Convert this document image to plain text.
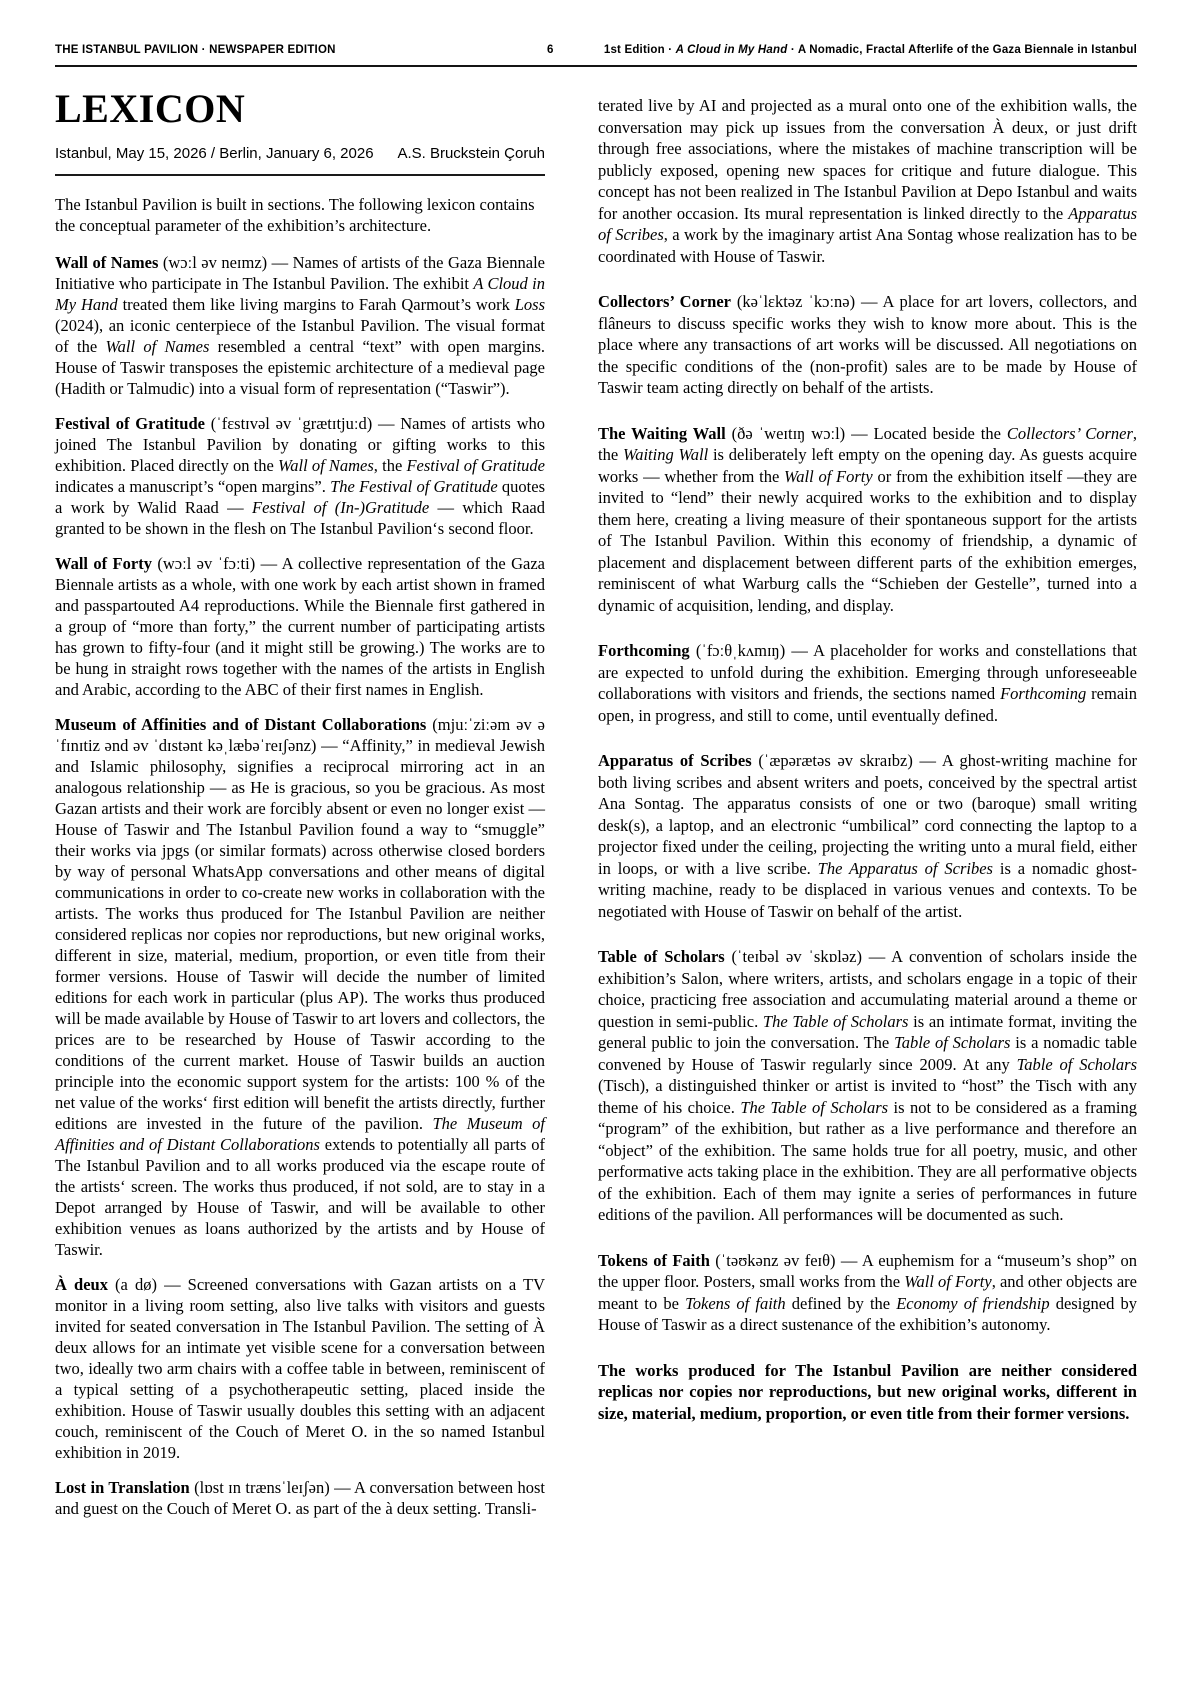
THE ISTANBUL PAVILION · NEWSPAPER EDITION	6	1st Edition · A Cloud in My Hand · A Nomadic, Fractal Afterlife of the Gaza Biennale in Istanbul
LEXICON
Istanbul, May 15, 2026 / Berlin, January 6, 2026 A.S. Bruckstein Çoruh

The Istanbul Pavilion is built in sections. The following lexicon contains the conceptual parameter of the exhibition’s architecture.

Wall of Names (wɔːl əv neɪmz) — Names of artists of the Gaza Biennale Initiative who participate in The Istanbul Pavilion. The exhibit A Cloud in My Hand treated them like living margins to Farah Qarmout’s work Loss (2024), an iconic centerpiece of the Istanbul Pavilion. The visual format of the Wall of Names resembled a central “text” with open margins. House of Taswir transposes the epistemic architecture of a medieval page (Hadith or Talmudic) into a visual form of representation (“Taswir”).

Festival of Gratitude (ˈfɛstɪvəl əv ˈgrætɪtjuːd) — Names of artists who joined The Istanbul Pavilion by donating or gifting works to this exhibition. Placed directly on the Wall of Names, the Festival of Gratitude indicates a manuscript’s “open margins”. The Festival of Gratitude quotes a work by Walid Raad — Festival of (In-)Gratitude — which Raad granted to be shown in the flesh on The Istanbul Pavilion‘s second floor.

Wall of Forty (wɔːl əv ˈfɔːti) — A collective representation of the Gaza Biennale artists as a whole, with one work by each artist shown in framed and passpartouted A4 reproductions. While the Biennale first gathered in a group of “more than forty,” the current number of participating artists has grown to fifty-four (and it might still be growing.) The works are to be hung in straight rows together with the names of the artists in English and Arabic, according to the ABC of their first names in English.

Museum of Affinities and of Distant Collaborations (mjuːˈziːəm əv əˈfɪnɪtiz ənd əv ˈdɪstənt kəˌlæbəˈreɪʃənz) — “Affinity,” in medieval Jewish and Islamic philosophy, signifies a reciprocal mirroring act in an analogous relationship — as He is gracious, so you be gracious. As most Gazan artists and their work are forcibly absent or even no longer exist — House of Taswir and The Istanbul Pavilion found a way to “smuggle” their works via jpgs (or similar formats) across otherwise closed borders by way of personal WhatsApp conversations and other means of digital communications in order to co-create new works in collaboration with the artists. The works thus produced for The Istanbul Pavilion are neither considered replicas nor copies nor reproductions, but new original works, different in size, material, medium, proportion, or even title from their former versions. House of Taswir will decide the number of limited editions for each work in particular (plus AP). The works thus produced will be made available by House of Taswir to art lovers and collectors, the prices are to be researched by House of Taswir according to the conditions of the current market. House of Taswir builds an auction principle into the economic support system for the artists: 100 % of the net value of the works‘ first edition will benefit the artists directly, further editions are invested in the future of the pavilion. The Museum of Affinities and of Distant Collaborations extends to potentially all parts of The Istanbul Pavilion and to all works produced via the escape route of the artists‘ screen. The works thus produced, if not sold, are to stay in a Depot arranged by House of Taswir, and will be available to other exhibition venues as loans authorized by the artists and by House of Taswir.

À deux (a dø) — Screened conversations with Gazan artists on a TV monitor in a living room setting, also live talks with visitors and guests invited for seated conversation in The Istanbul Pavilion. The setting of À deux allows for an intimate yet visible scene for a conversation between two, ideally two arm chairs with a coffee table in between, reminiscent of a typical setting of a psychotherapeutic setting, placed inside the exhibition. House of Taswir usually doubles this setting with an adjacent couch, reminiscent of the Couch of Meret O. in the so named Istanbul exhibition in 2019.

Lost in Translation (lɒst ɪn trænsˈleɪʃən) — A conversation between host and guest on the Couch of Meret O. as part of the à deux setting. Transli-

terated live by AI and projected as a mural onto one of the exhibition walls, the conversation may pick up issues from the conversation À deux, or just drift through free associations, where the mistakes of machine transcription will be publicly exposed, opening new spaces for critique and future dialogue. This concept has not been realized in The Istanbul Pavilion at Depo Istanbul and waits for another occasion. Its mural representation is linked directly to the Apparatus of Scribes, a work by the imaginary artist Ana Sontag whose realization has to be coordinated with House of Taswir.

Collectors’ Corner (kəˈlɛktəz ˈkɔːnə) — A place for art lovers, collectors, and flâneurs to discuss specific works they wish to know more about. This is the place where any transactions of art works will be discussed. All negotiations on the specific conditions of the (non-profit) sales are to be made by House of Taswir team acting directly on behalf of the artists.

The Waiting Wall (ðə ˈweɪtɪŋ wɔːl) — Located beside the Collectors’ Corner, the Waiting Wall is deliberately left empty on the opening day. As guests acquire works — whether from the Wall of Forty or from the exhibition itself —they are invited to “lend” their newly acquired works to the exhibition and to display them here, creating a living measure of their spontaneous support for the artists of The Istanbul Pavilion. Within this economy of friendship, a dynamic of placement and displacement between different parts of the exhibition emerges, reminiscent of what Warburg calls the “Schieben der Gestelle”, turned into a dynamic of acquisition, lending, and display.

Forthcoming (ˈfɔːθˌkʌmɪŋ) — A placeholder for works and constellations that are expected to unfold during the exhibition. Emerging through unforeseeable collaborations with visitors and friends, the sections named Forthcoming remain open, in progress, and still to come, until eventually defined.

Apparatus of Scribes (ˈæpərætəs əv skraɪbz) — A ghost-writing machine for both living scribes and absent writers and poets, conceived by the spectral artist Ana Sontag. The apparatus consists of one or two (baroque) small writing desk(s), a laptop, and an electronic “umbilical” cord connecting the laptop to a projector fixed under the ceiling, projecting the writing unto a mural field, either in loops, or with a live scribe. The Apparatus of Scribes is a nomadic ghost-writing machine, ready to be displaced in various venues and contexts. To be negotiated with House of Taswir on behalf of the artist.

Table of Scholars (ˈteɪbəl əv ˈskɒləz) — A convention of scholars inside the exhibition’s Salon, where writers, artists, and scholars engage in a topic of their choice, practicing free association and accumulating material around a theme or question in semi-public. The Table of Scholars is an intimate format, inviting the general public to join the conversation. The Table of Scholars is a nomadic table convened by House of Taswir regularly since 2009. At any Table of Scholars (Tisch), a distinguished thinker or artist is invited to “host” the Tisch with any theme of his choice. The Table of Scholars is not to be considered as a framing “program” of the exhibition, but rather as a live performance and therefore an “object” of the exhibition. The same holds true for all poetry, music, and other performative acts taking place in the exhibition. They are all performative objects of the exhibition. Each of them may ignite a series of performances in future editions of the pavilion. All performances will be documented as such.

Tokens of Faith (ˈtəʊkənz əv feɪθ) — A euphemism for a “museum’s shop” on the upper floor. Posters, small works from the Wall of Forty, and other objects are meant to be Tokens of faith defined by the Economy of friendship designed by House of Taswir as a direct sustenance of the exhibition’s autonomy.

The works produced for The Istanbul Pavilion are neither considered replicas nor copies nor reproductions, but new original works, different in size, material, medium, proportion, or even title from their former versions.
